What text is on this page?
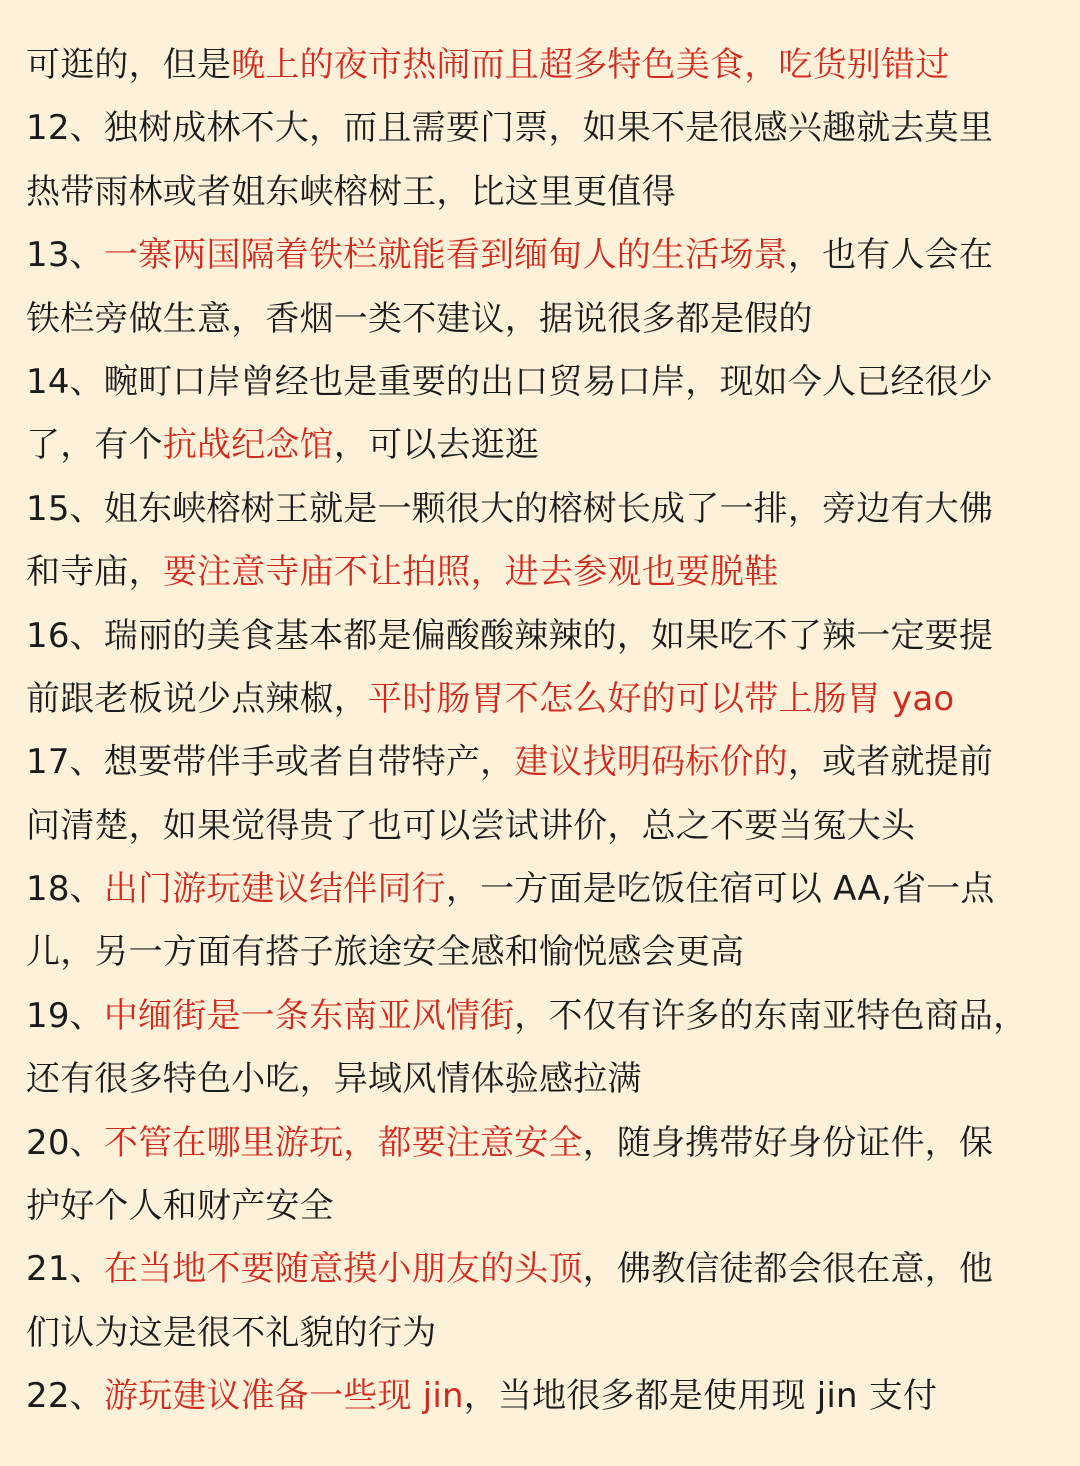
可逛的，但是晚上的夜市热闹而且超多特色美食，吃货别错过
12、独树成林不大，而且需要门票，如果不是很感兴趣就去莫里
热带雨林或者姐东峡榕树王，比这里更值得
13、一寨两国隔着铁栏就能看到缅甸人的生活场景，也有人会在
铁栏旁做生意，香烟一类不建议，据说很多都是假的
14、畹町口岸曾经也是重要的出口贸易口岸，现如今人已经很少
了，有个抗战纪念馆，可以去逛逛
15、姐东峡榕树王就是一颗很大的榕树长成了一排，旁边有大佛
和寺庙，要注意寺庙不让拍照，进去参观也要脱鞋
16、瑞丽的美食基本都是偏酸酸辣辣的，如果吃不了辣一定要提
前跟老板说少点辣椒，平时肠胃不怎么好的可以带上肠胃 yao
17、想要带伴手或者自带特产，建议找明码标价的，或者就提前
问清楚，如果觉得贵了也可以尝试讲价，总之不要当冤大头
18、出门游玩建议结伴同行，一方面是吃饭住宿可以 AA,省一点
儿，另一方面有搭子旅途安全感和愉悦感会更高
19、中缅街是一条东南亚风情街，不仅有许多的东南亚特色商品，
还有很多特色小吃，异域风情体验感拉满
20、不管在哪里游玩，都要注意安全，随身携带好身份证件，保
护好个人和财产安全
21、在当地不要随意摸小朋友的头顶，佛教信徒都会很在意，他
们认为这是很不礼貌的行为
22、游玩建议准备一些现 jin，当地很多都是使用现 jin 支付
